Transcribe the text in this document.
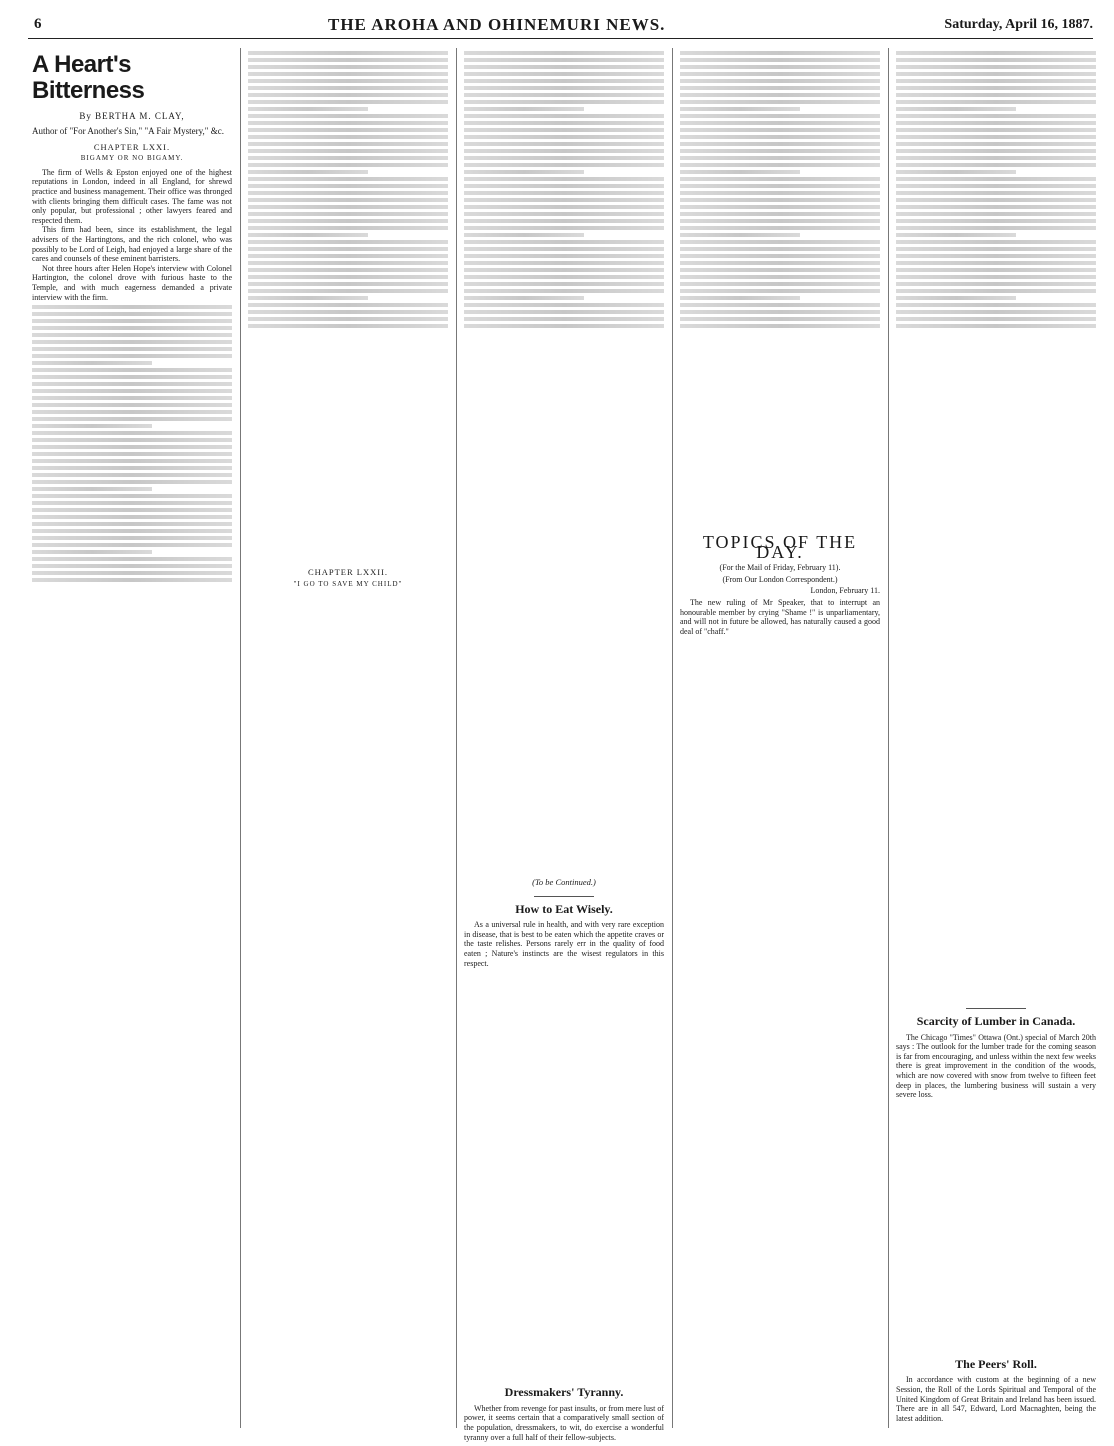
6	THE AROHA AND OHINEMURI NEWS.	Saturday, April 16, 1887.
A Heart's Bitterness
By BERTHA M. CLAY,
Author of "For Another's Sin," "A Fair Mystery," &c.
CHAPTER LXXI.
BIGAMY OR NO BIGAMY.

The firm of Wells & Epston enjoyed one of the highest reputations in London, indeed in all England, for shrewd practice and business management. Their office was thronged with clients bringing them difficult cases. The fame was not only popular, but professional ; other lawyers feared and respected them.

This firm had been, since its establishment, the legal advisers of the Hartingtons, and the rich colonel, who was possibly to be Lord of Leigh, had enjoyed a large share of the cares and counsels of these eminent barristers.

Not three hours after Helen Hope's interview with Colonel Hartington, the colonel drove with furious haste to the Temple, and with much eagerness demanded a private interview with the firm.

CHAPTER LXXII.
"I GO TO SAVE MY CHILD"
(To be Continued.)
How to Eat Wisely.

As a universal rule in health, and with very rare exception in disease, that is best to be eaten which the appetite craves or the taste relishes. Persons rarely err in the quality of food eaten ; Nature's instincts are the wisest regulators in this respect.

Dressmakers' Tyranny.

Whether from revenge for past insults, or from mere lust of power, it seems certain that a comparatively small section of the population, dressmakers, to wit, do exercise a wonderful tyranny over a full half of their fellow-subjects.

TOPICS OF THE DAY.
(For the Mail of Friday, February 11).
(From Our London Correspondent.)
London, February 11.

The new ruling of Mr Speaker, that to interrupt an honourable member by crying "Shame !" is unparliamentary, and will not in future be allowed, has naturally caused a good deal of "chaff."

Scarcity of Lumber in Canada.

The Chicago "Times" Ottawa (Ont.) special of March 20th says : The outlook for the lumber trade for the coming season is far from encouraging, and unless within the next few weeks there is great improvement in the condition of the woods, which are now covered with snow from twelve to fifteen feet deep in places, the lumbering business will sustain a very severe loss.

The Peers' Roll.

In accordance with custom at the beginning of a new Session, the Roll of the Lords Spiritual and Temporal of the United Kingdom of Great Britain and Ireland has been issued. There are in all 547, Edward, Lord Macnaghten, being the latest addition.
